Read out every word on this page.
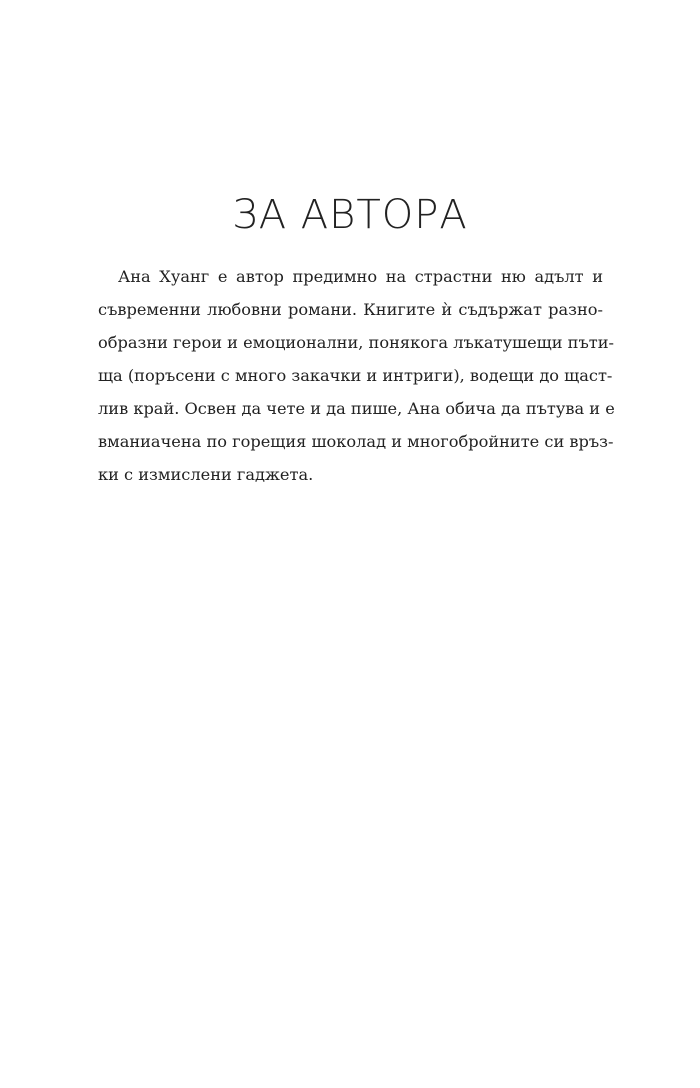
ЗА АВТОРА
Ана Хуанг е автор предимно на страстни ню адълт и
съвременни любовни романи. Книгите ѝ съдържат разно-
образни герои и емоционални, понякога лъкатушещи пъти-
ща (поръсени с много закачки и интриги), водещи до щаст-
лив край. Освен да чете и да пише, Ана обича да пътува и е
вманиачена по горещия шоколад и многобройните си връз-
ки с измислени гаджета.
